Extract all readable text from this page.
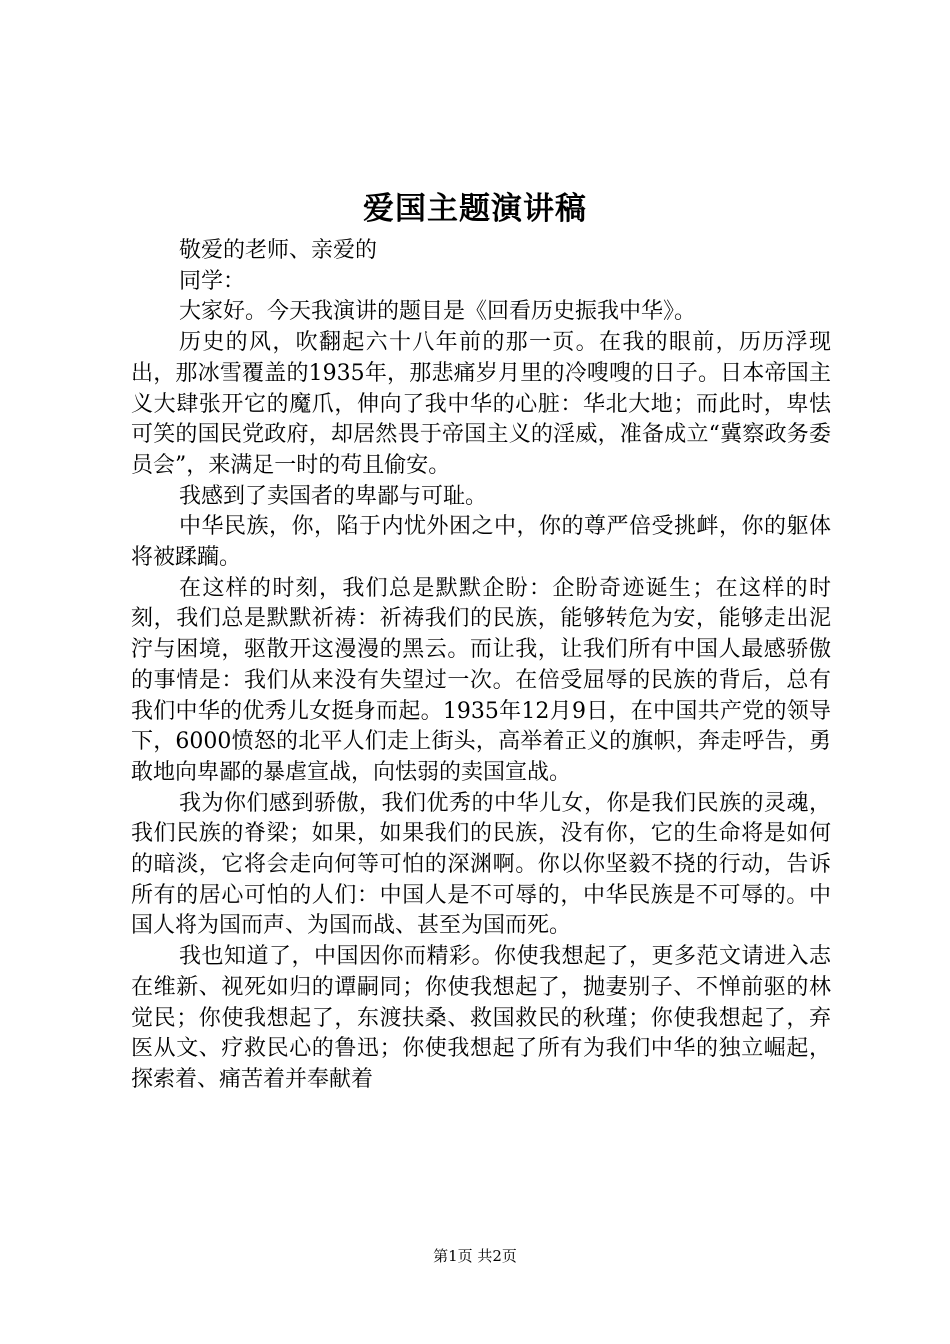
爱国主题演讲稿

敬爱的老师、亲爱的

同学：

大家好。今天我演讲的题目是《回看历史振我中华》。

历史的风，吹翻起六十八年前的那一页。在我的眼前，历历浮现出，那冰雪覆盖的1935年，那悲痛岁月里的冷嗖嗖的日子。日本帝国主义大肆张开它的魔爪，伸向了我中华的心脏：华北大地；而此时，卑怯可笑的国民党政府，却居然畏于帝国主义的淫威，准备成立“冀察政务委员会”，来满足一时的苟且偷安。

我感到了卖国者的卑鄙与可耻。

中华民族，你，陷于内忧外困之中，你的尊严倍受挑衅，你的躯体将被蹂躏。

在这样的时刻，我们总是默默企盼：企盼奇迹诞生；在这样的时刻，我们总是默默祈祷：祈祷我们的民族，能够转危为安，能够走出泥泞与困境，驱散开这漫漫的黑云。而让我，让我们所有中国人最感骄傲的事情是：我们从来没有失望过一次。在倍受屈辱的民族的背后，总有我们中华的优秀儿女挺身而起。1935年12月9日，在中国共产党的领导下，6000愤怒的北平人们走上街头，高举着正义的旗帜，奔走呼告，勇敢地向卑鄙的暴虐宣战，向怯弱的卖国宣战。

我为你们感到骄傲，我们优秀的中华儿女，你是我们民族的灵魂，我们民族的脊梁；如果，如果我们的民族，没有你，它的生命将是如何的暗淡，它将会走向何等可怕的深渊啊。你以你坚毅不挠的行动，告诉所有的居心可怕的人们：中国人是不可辱的，中华民族是不可辱的。中国人将为国而声、为国而战、甚至为国而死。

我也知道了，中国因你而精彩。你使我想起了，更多范文请进入志在维新、视死如归的谭嗣同；你使我想起了，抛妻别子、不惮前驱的林觉民；你使我想起了，东渡扶桑、救国救民的秋瑾；你使我想起了，弃医从文、疗救民心的鲁迅；你使我想起了所有为我们中华的独立崛起，探索着、痛苦着并奉献着

第1页 共2页
